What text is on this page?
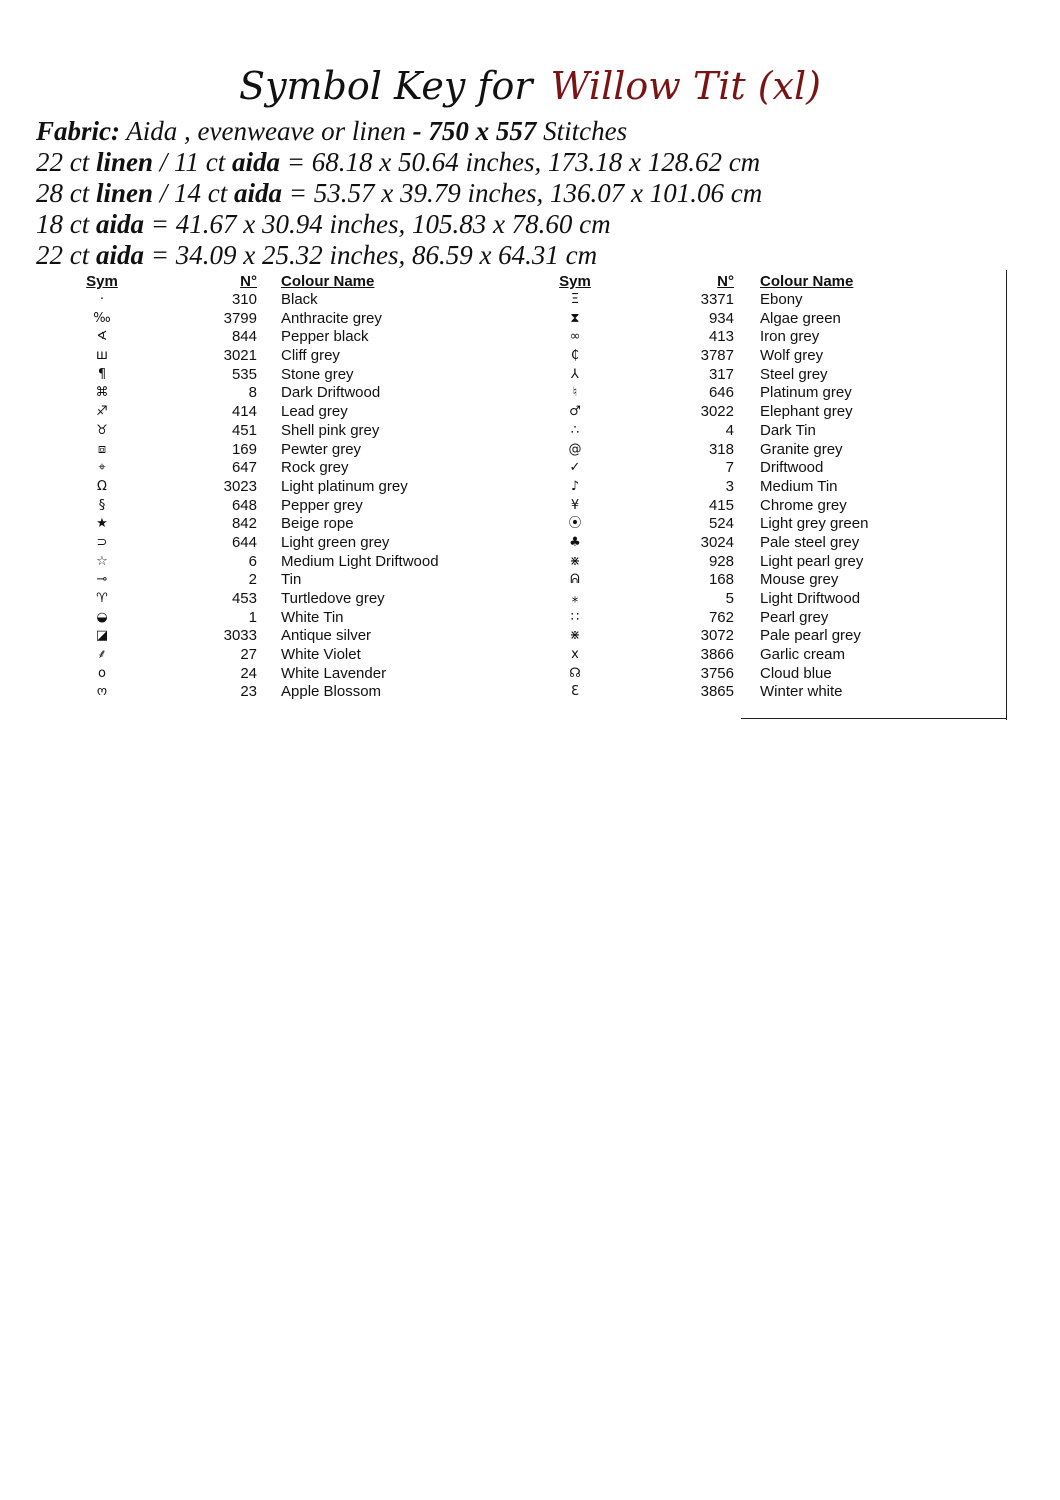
Symbol Key for Willow Tit (xl)
Fabric: Aida , evenweave or linen - 750 x 557 Stitches
22 ct linen / 11 ct aida = 68.18 x 50.64 inches, 173.18 x 128.62 cm
28 ct linen / 14 ct aida = 53.57 x 39.79 inches, 136.07 x 101.06 cm
18 ct aida = 41.67 x 30.94 inches, 105.83 x 78.60 cm
22 ct aida = 34.09 x 25.32 inches, 86.59 x 64.31 cm
Sym	N° Colour Name
·	310 Black
‰	3799 Anthracite grey
∢	844 Pepper black
ш	3021 Cliff grey
¶	535 Stone grey
⌘	8 Dark Driftwood
♐	414 Lead grey
♉	451 Shell pink grey
⧈	169 Pewter grey
⌖	647 Rock grey
Ω	3023 Light platinum grey
§	648 Pepper grey
★	842 Beige rope
⊃	644 Light green grey
☆	6 Medium Light Driftwood
⊸	2 Tin
♈	453 Turtledove grey
◒	1 White Tin
◪	3033 Antique silver
⸙	27 White Violet
o	24 White Lavender
ო	23 Apple Blossom
Sym	N° Colour Name
Ξ	3371 Ebony
⧗	934 Algae green
∞	413 Iron grey
₵	3787 Wolf grey
⅄	317 Steel grey
♮	646 Platinum grey
♂	3022 Elephant grey
∴	4 Dark Tin
@	318 Granite grey
✓	7 Driftwood
♪	3 Medium Tin
¥	415 Chrome grey
⦿	524 Light grey green
♣	3024 Pale steel grey
⋇	928 Light pearl grey
ᕱ	168 Mouse grey
⁎	5 Light Driftwood
∷	762 Pearl grey
⋇	3072 Pale pearl grey
x	3866 Garlic cream
☊	3756 Cloud blue
Ɛ	3865 Winter white
